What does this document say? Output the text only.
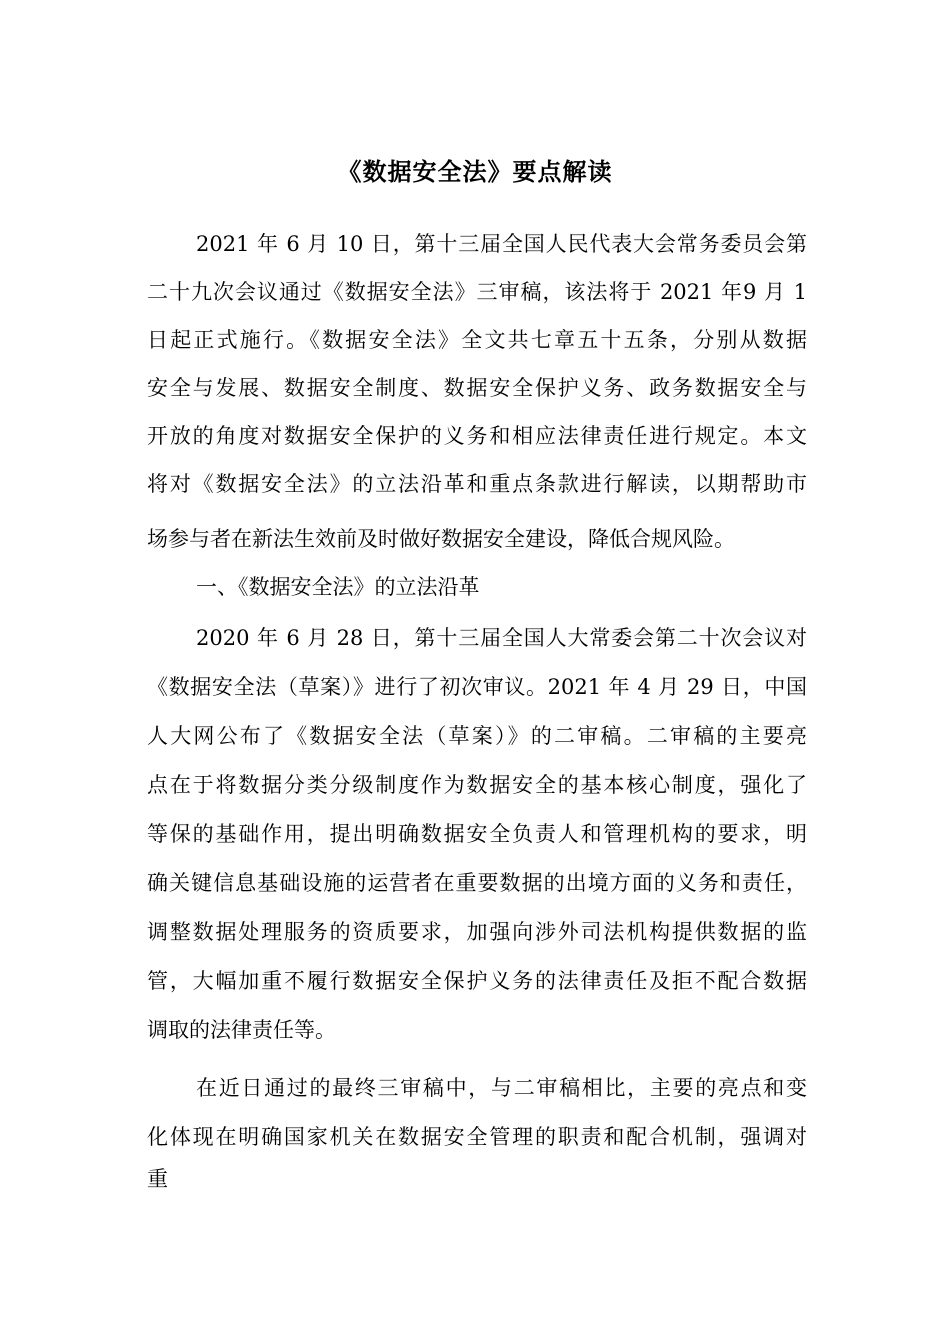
《数据安全法》要点解读
2021 年 6 月 10 日，第十三届全国人民代表大会常务委员会第
二十九次会议通过《数据安全法》三审稿，该法将于 2021 年9 月 1
日起正式施行。《数据安全法》全文共七章五十五条，分别从数据
安全与发展、数据安全制度、数据安全保护义务、政务数据安全与
开放的角度对数据安全保护的义务和相应法律责任进行规定。本文
将对《数据安全法》的立法沿革和重点条款进行解读，以期帮助市
场参与者在新法生效前及时做好数据安全建设，降低合规风险。
一、《数据安全法》的立法沿革
2020 年 6 月 28 日，第十三届全国人大常委会第二十次会议对
《数据安全法（草案）》进行了初次审议。2021 年 4 月 29 日，中国
人大网公布了《数据安全法（草案）》的二审稿。二审稿的主要亮
点在于将数据分类分级制度作为数据安全的基本核心制度，强化了
等保的基础作用，提出明确数据安全负责人和管理机构的要求，明
确关键信息基础设施的运营者在重要数据的出境方面的义务和责任，
调整数据处理服务的资质要求，加强向涉外司法机构提供数据的监
管，大幅加重不履行数据安全保护义务的法律责任及拒不配合数据
调取的法律责任等。
在近日通过的最终三审稿中，与二审稿相比，主要的亮点和变
化体现在明确国家机关在数据安全管理的职责和配合机制，强调对
重
